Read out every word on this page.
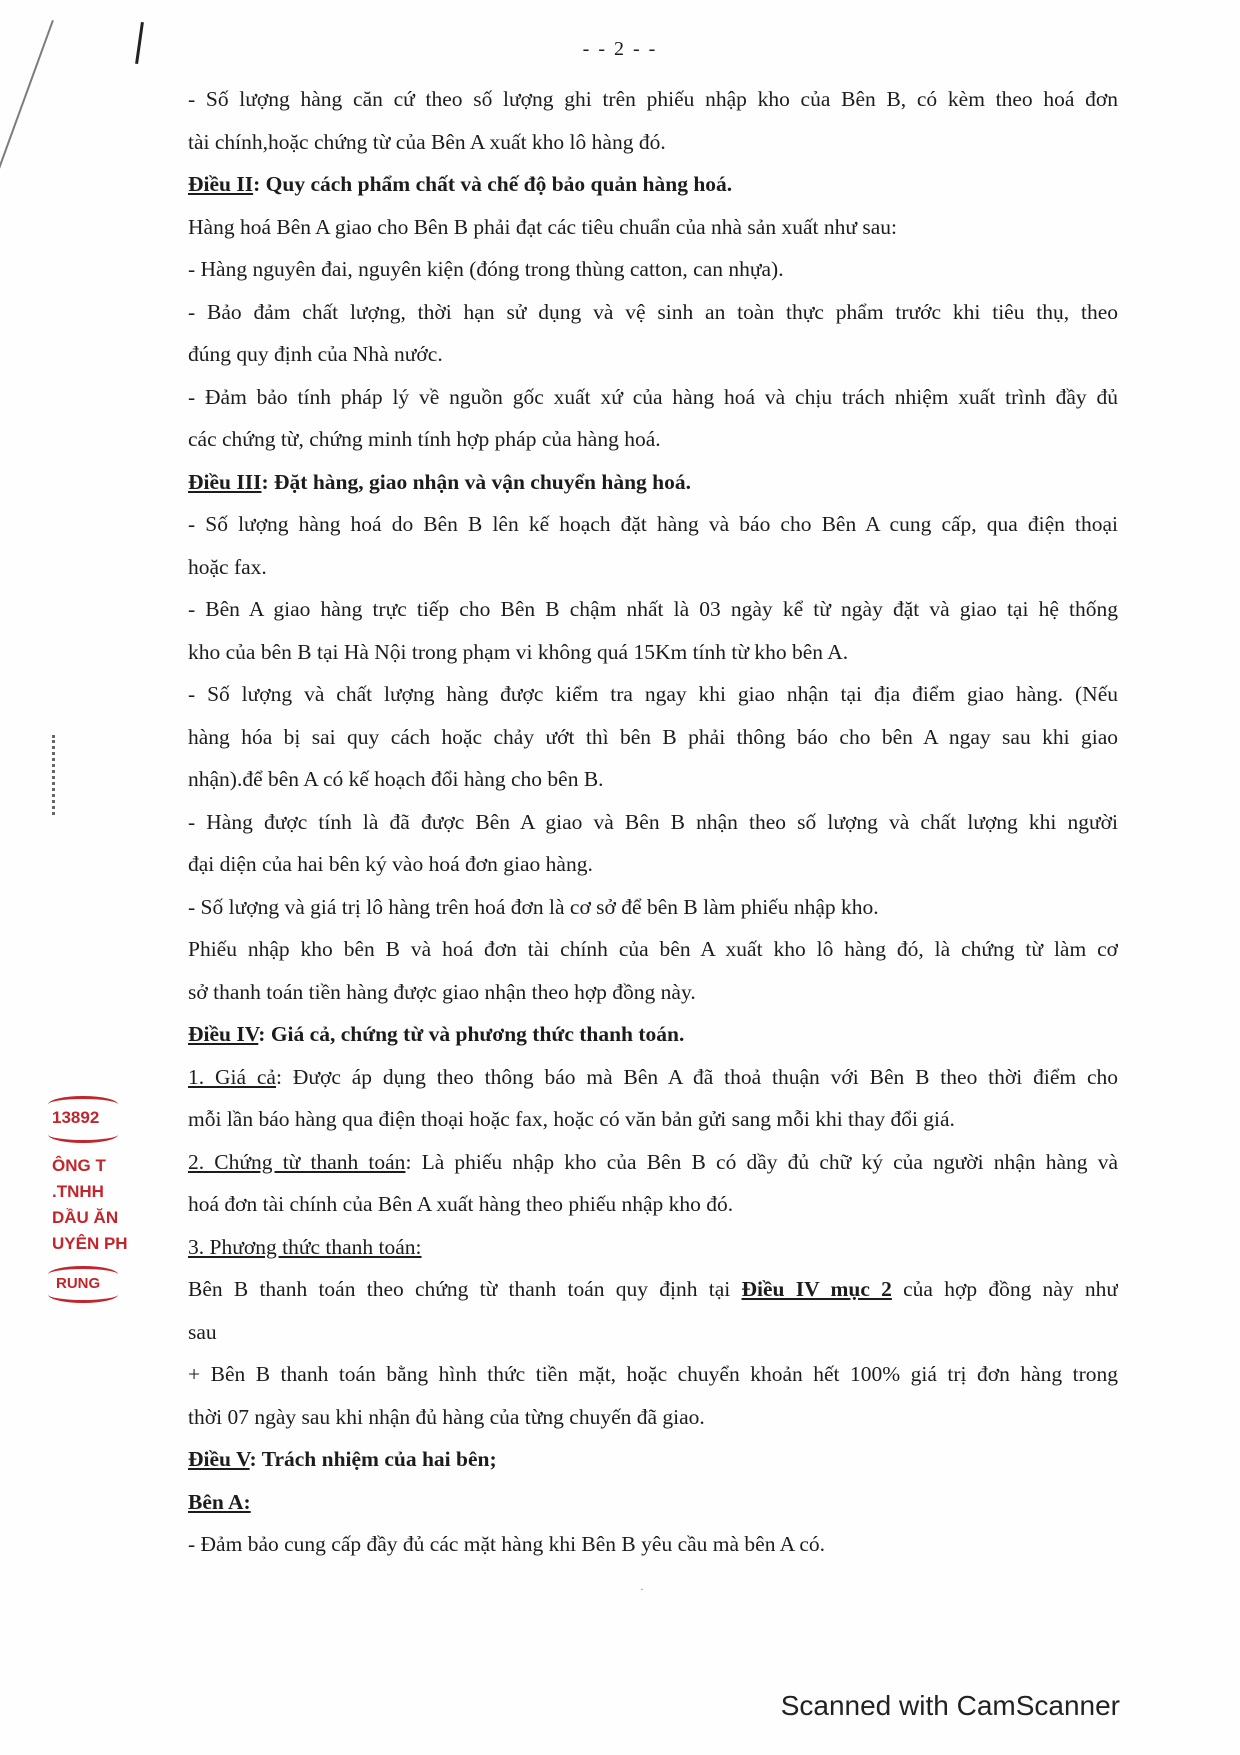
- - 2 - -
- Số lượng hàng căn cứ theo số lượng ghi trên phiếu nhập kho của Bên B, có kèm theo hoá đơn
tài chính,hoặc chứng từ của Bên A xuất kho lô hàng đó.
Điều II: Quy cách phẩm chất và chế độ bảo quản hàng hoá.
Hàng hoá Bên A giao cho Bên B phải đạt các tiêu chuẩn của nhà sản xuất như sau:
- Hàng nguyên đai, nguyên kiện (đóng trong thùng catton, can nhựa).
- Bảo đảm chất lượng, thời hạn sử dụng và vệ sinh an toàn thực phẩm trước khi tiêu thụ, theo
đúng quy định của Nhà nước.
- Đảm bảo tính pháp lý về nguồn gốc xuất xứ của hàng hoá và chịu trách nhiệm xuất trình đầy đủ
các chứng từ, chứng minh tính hợp pháp của hàng hoá.
Điều III: Đặt hàng, giao nhận và vận chuyển hàng hoá.
- Số lượng hàng hoá do Bên B lên kế hoạch đặt hàng và báo cho Bên A cung cấp, qua điện thoại
hoặc fax.
- Bên A giao hàng trực tiếp cho Bên B chậm nhất là 03 ngày kể từ ngày đặt và giao tại hệ thống
kho của bên B tại Hà Nội trong phạm vi không quá 15Km tính từ kho bên A.
- Số lượng và chất lượng hàng được kiểm tra ngay khi giao nhận tại địa điểm giao hàng. (Nếu
hàng hóa bị sai quy cách hoặc chảy ướt thì bên B phải thông báo cho bên A ngay sau khi giao
nhận).để bên A có kế hoạch đổi hàng cho bên B.
- Hàng được tính là đã được Bên A giao và Bên B nhận theo số lượng và chất lượng khi người
đại diện của hai bên ký vào hoá đơn giao hàng.
- Số lượng và giá trị lô hàng trên hoá đơn là cơ sở để bên B làm phiếu nhập kho.
Phiếu nhập kho bên B và hoá đơn tài chính của bên A xuất kho lô hàng đó, là chứng từ làm cơ
sở thanh toán tiền hàng được giao nhận theo hợp đồng này.
Điều IV: Giá cả, chứng từ và phương thức thanh toán.
1. Giá cả: Được áp dụng theo thông báo mà Bên A đã thoả thuận với Bên B theo thời điểm cho
mỗi lần báo hàng qua điện thoại hoặc fax, hoặc có văn bản gửi sang mỗi khi thay đổi giá.
2. Chứng từ thanh toán: Là phiếu nhập kho của Bên B có dầy đủ chữ ký của người nhận hàng và
hoá đơn tài chính của Bên A xuất hàng theo phiếu nhập kho đó.
3. Phương thức thanh toán:
Bên B thanh toán theo chứng từ thanh toán quy định tại Điều IV mục 2 của hợp đồng này như
sau
+ Bên B thanh toán bằng hình thức tiền mặt, hoặc chuyển khoản hết 100% giá trị đơn hàng trong
thời 07 ngày sau khi nhận đủ hàng của từng chuyến đã giao.
Điều V: Trách nhiệm của hai bên;
Bên A:
- Đảm bảo cung cấp đầy đủ các mặt hàng khi Bên B yêu cầu mà bên A có.
13892
ÔNG T
.TNHH
DẦU ĂN
UYÊN PH
RUNG
·
Scanned with CamScanner
